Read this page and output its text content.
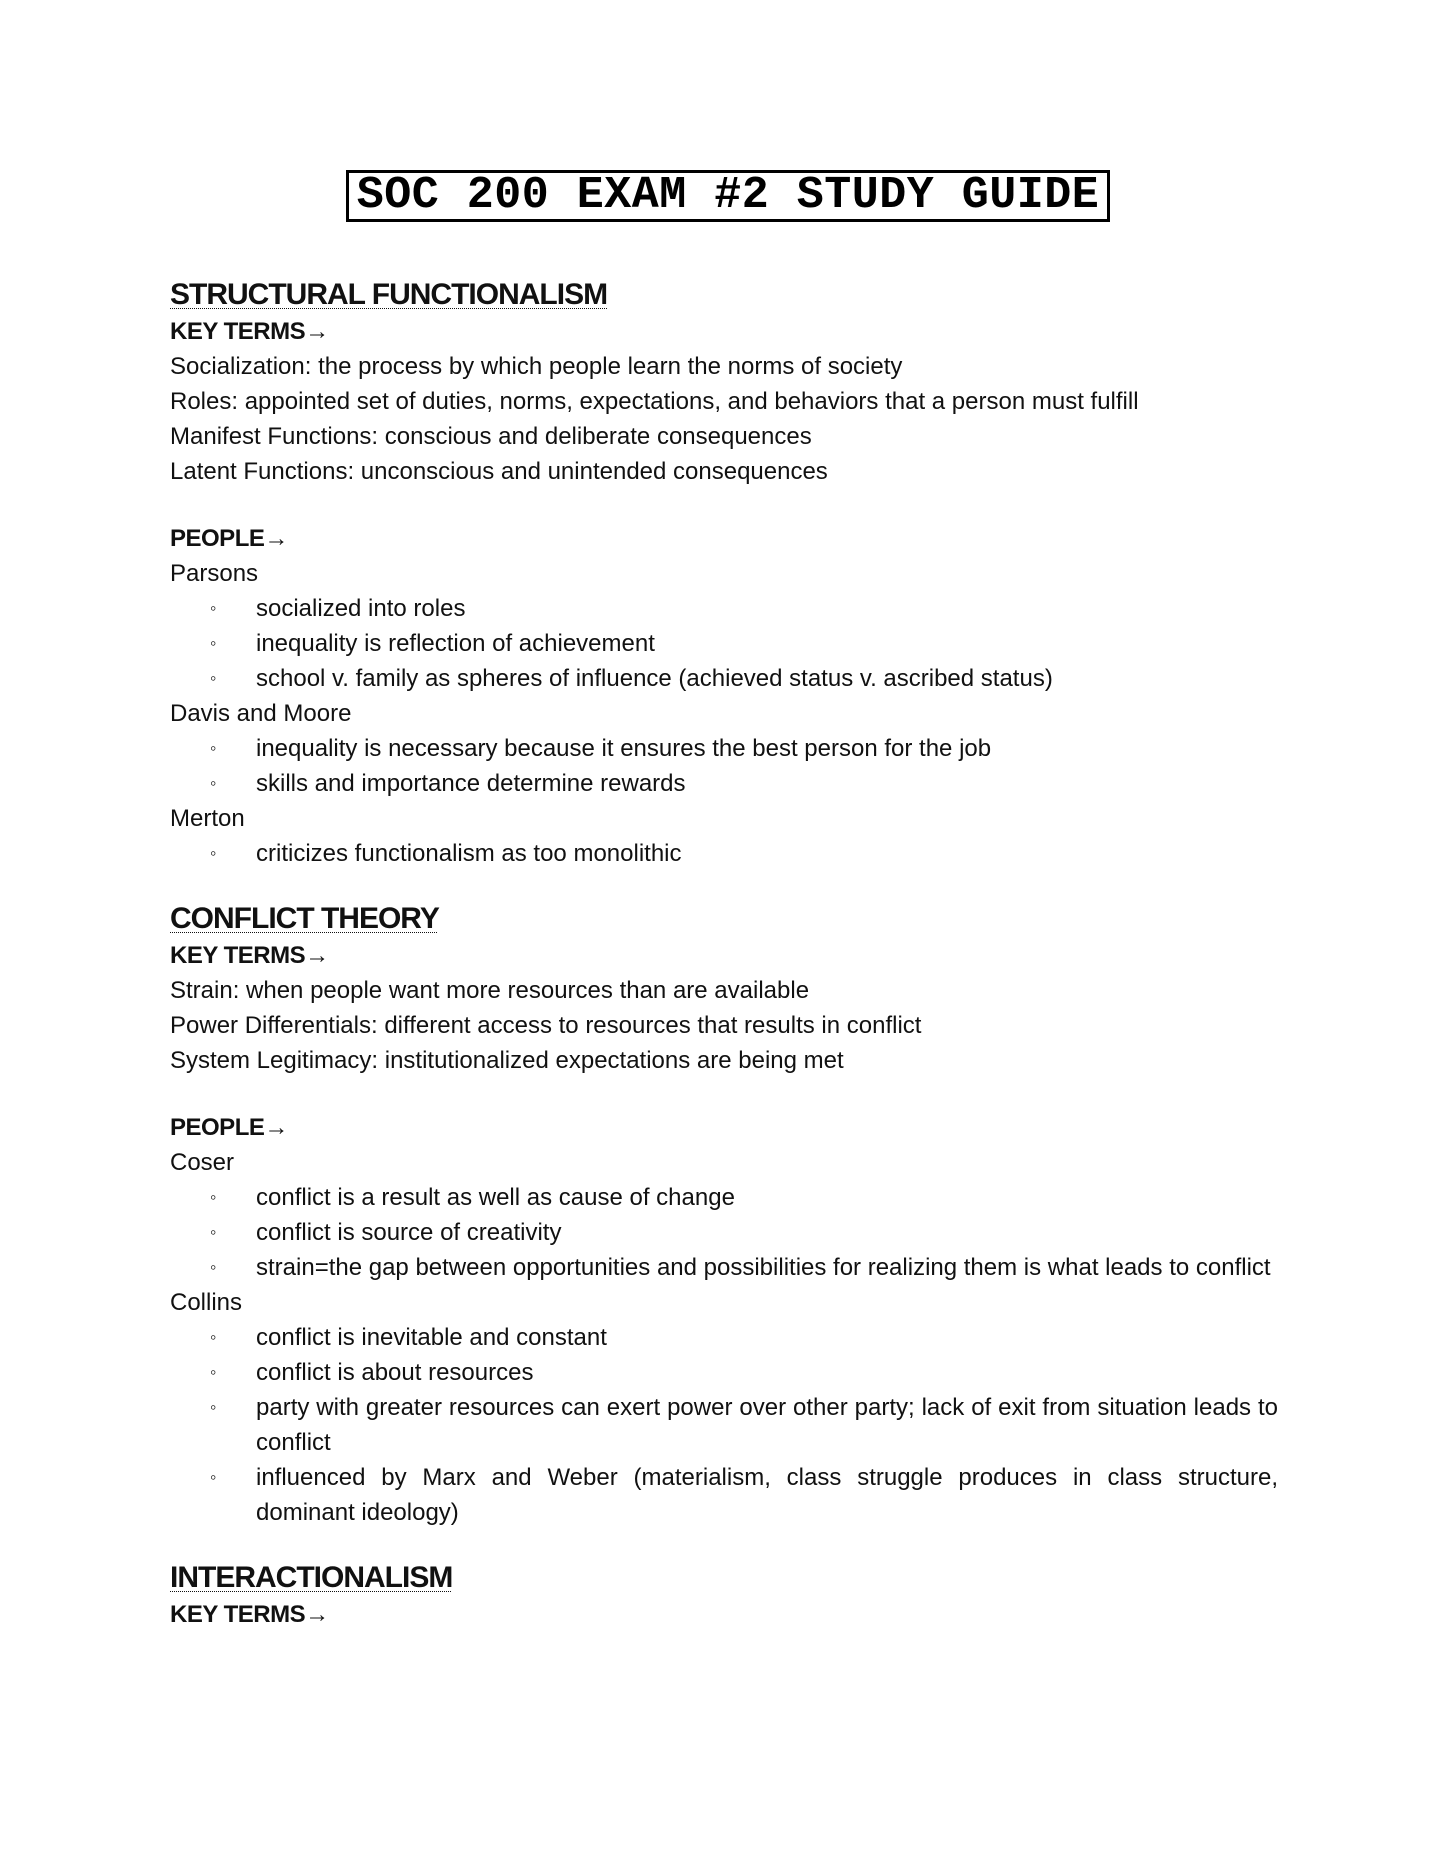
SOC 200 EXAM #2 STUDY GUIDE
STRUCTURAL FUNCTIONALISM
KEY TERMS→
Socialization: the process by which people learn the norms of society
Roles: appointed set of duties, norms, expectations, and behaviors that a person must fulfill
Manifest Functions: conscious and deliberate consequences
Latent Functions: unconscious and unintended consequences
PEOPLE→
Parsons
◦ socialized into roles
◦ inequality is reflection of achievement
◦ school v. family as spheres of influence (achieved status v. ascribed status)
Davis and Moore
◦ inequality is necessary because it ensures the best person for the job
◦ skills and importance determine rewards
Merton
◦ criticizes functionalism as too monolithic
CONFLICT THEORY
KEY TERMS→
Strain: when people want more resources than are available
Power Differentials: different access to resources that results in conflict
System Legitimacy: institutionalized expectations are being met
PEOPLE→
Coser
◦ conflict is a result as well as cause of change
◦ conflict is source of creativity
◦ strain=the gap between opportunities and possibilities for realizing them is what leads to conflict
Collins
◦ conflict is inevitable and constant
◦ conflict is about resources
◦ party with greater resources can exert power over other party; lack of exit from situation leads to conflict
◦ influenced by Marx and Weber (materialism, class struggle produces in class structure, dominant ideology)
INTERACTIONALISM
KEY TERMS→
